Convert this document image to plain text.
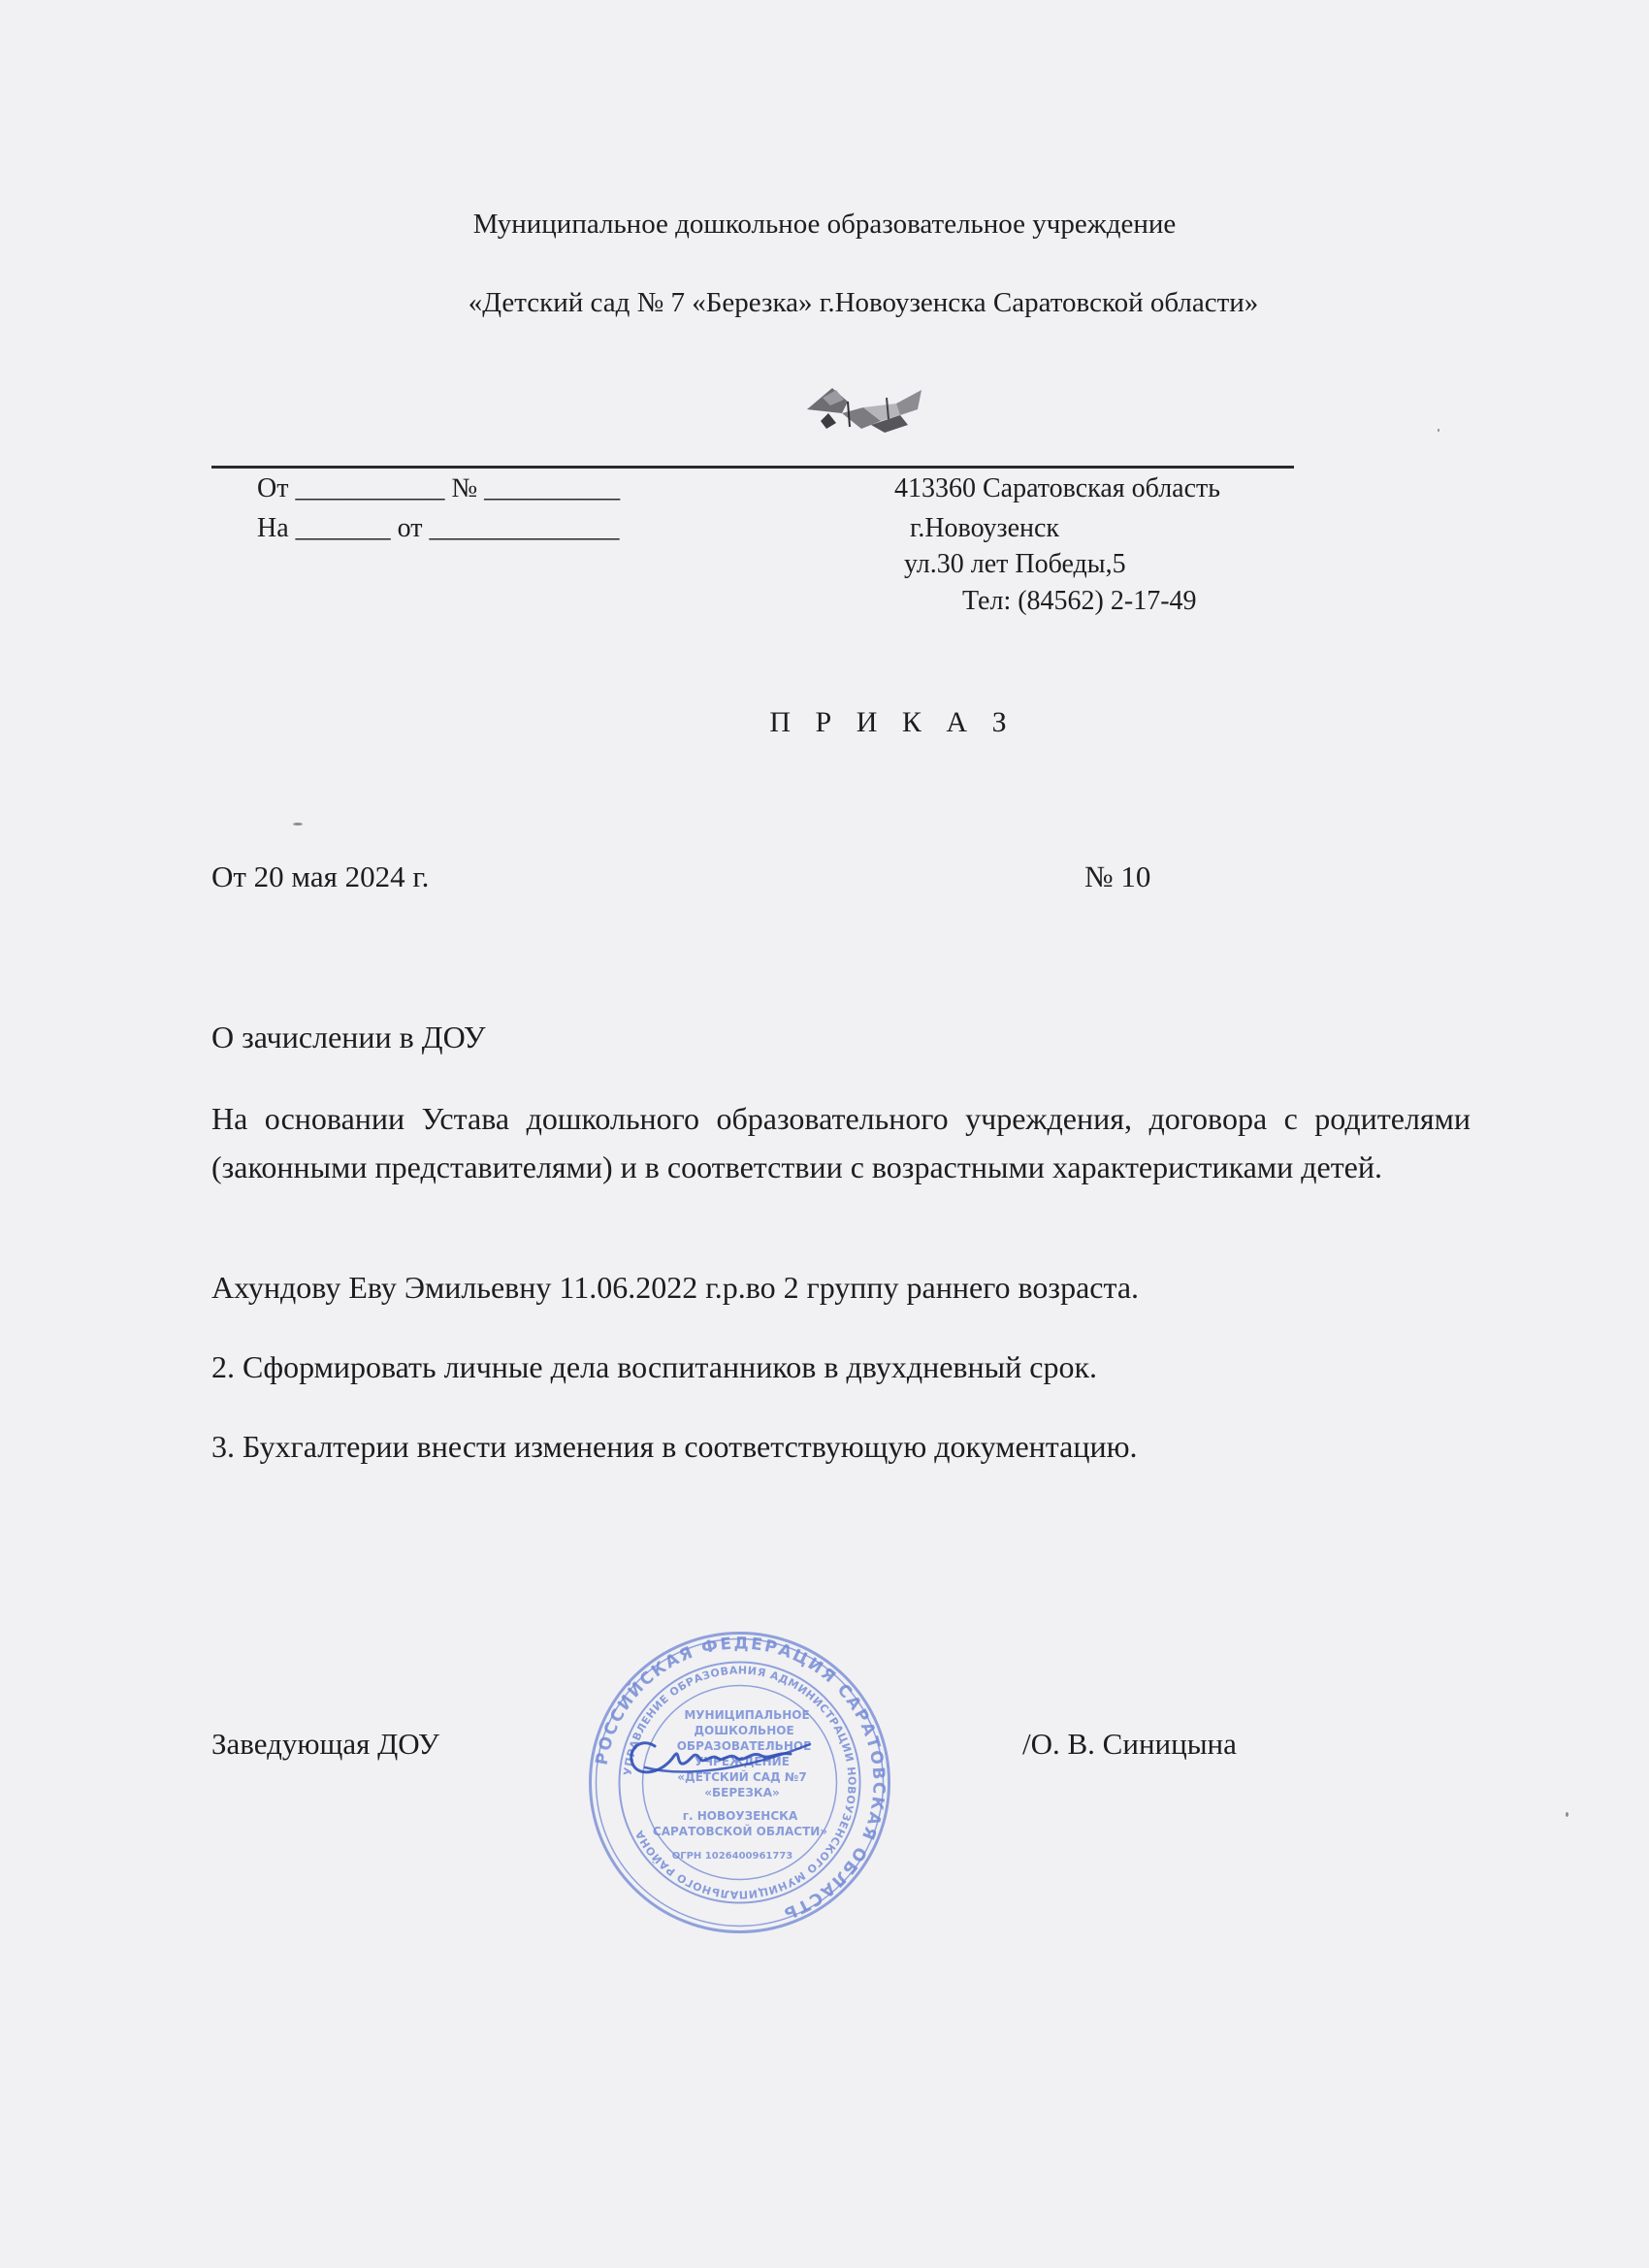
Муниципальное дошкольное образовательное учреждение
«Детский сад № 7 «Березка» г.Новоузенска Саратовской области»
От ___________ № __________
На _______ от ______________
413360 Саратовская область
г.Новоузенск
ул.30 лет Победы,5
Тел: (84562) 2-17-49
П Р И К А З
От 20 мая 2024 г.	№ 10
О зачислении в ДОУ
На основании Устава дошкольного образовательного учреждения, договора с родителями (законными представителями) и в соответствии с возрастными характеристиками детей.
Ахундову Еву Эмильевну 11.06.2022 г.р.во 2 группу раннего возраста.
2. Сформировать личные дела воспитанников в двухдневный срок.
3. Бухгалтерии внести изменения в соответствующую документацию.
Заведующая ДОУ	РОССИЙСКАЯ ФЕДЕРАЦИЯ САРАТОВСКАЯ ОБЛАСТЬ
УПРАВЛЕНИЕ ОБРАЗОВАНИЯ АДМИНИСТРАЦИИ НОВОУЗЕНСКОГО МУНИЦИПАЛЬНОГО РАЙОНА
МУНИЦИПАЛЬНОЕ
ДОШКОЛЬНОЕ
ОБРАЗОВАТЕЛЬНОЕ
УЧРЕЖДЕНИЕ
«ДЕТСКИЙ САД №7
«БЕРЕЗКА»
г. НОВОУЗЕНСКА
САРАТОВСКОЙ ОБЛАСТИ»
ОГРН 1026400961773
/О. В. Синицына
